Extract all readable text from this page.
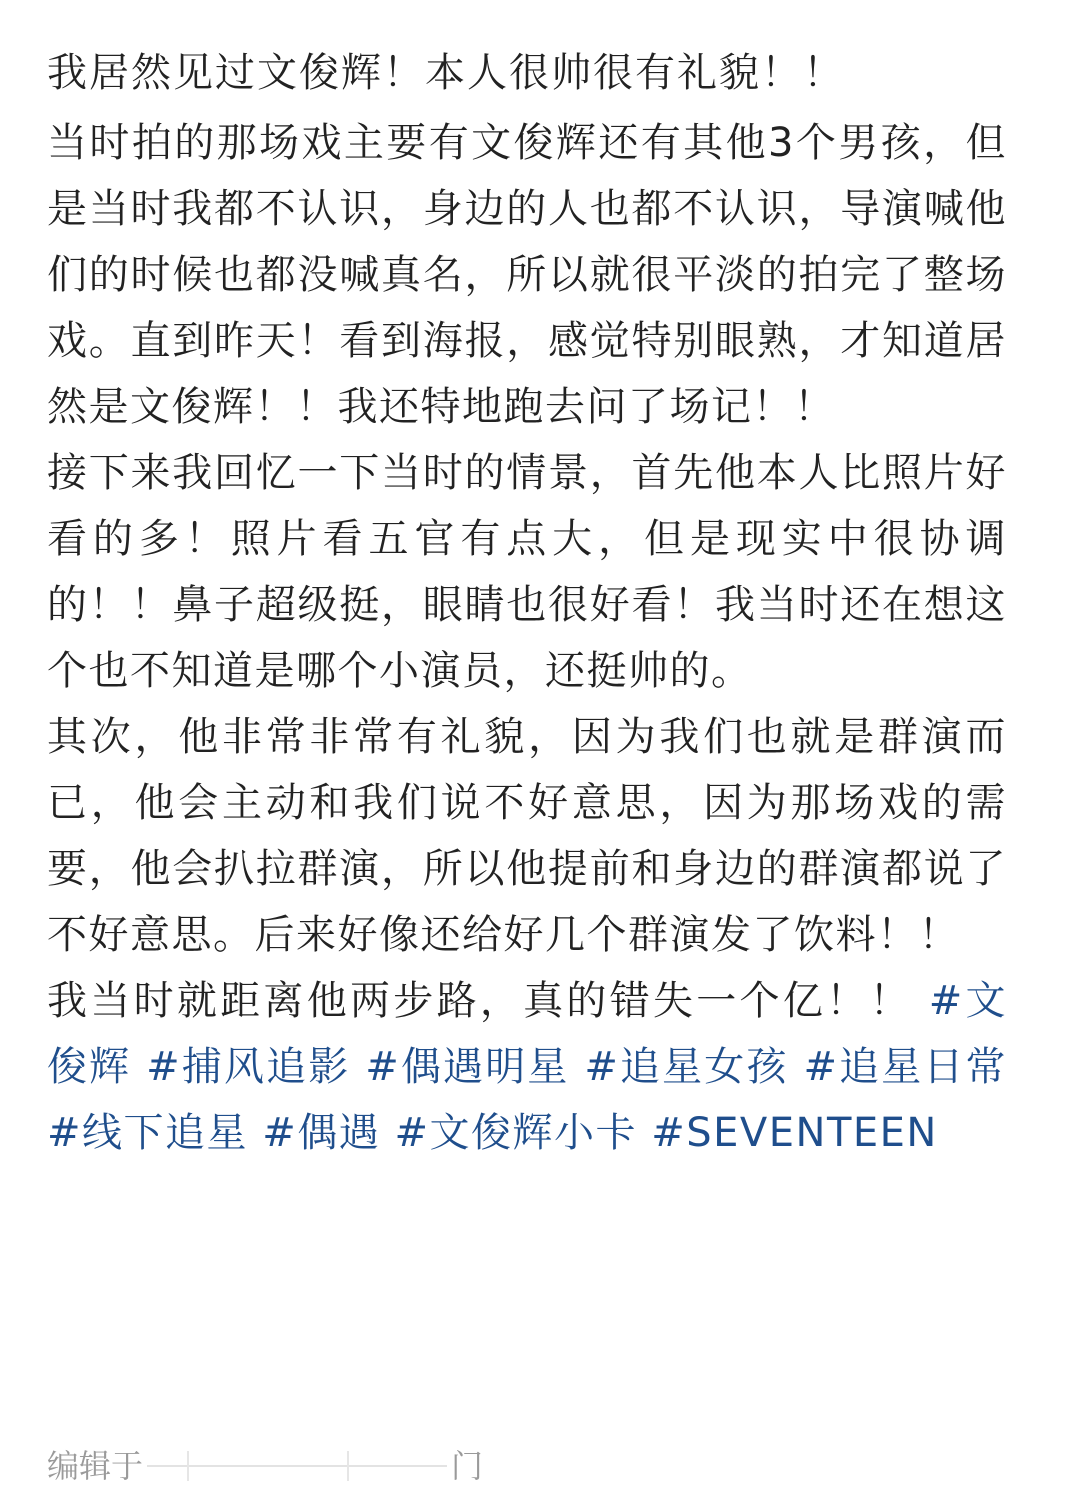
我居然见过文俊辉！本人很帅很有礼貌！！

当时拍的那场戏主要有文俊辉还有其他3个男孩，但是当时我都不认识，身边的人也都不认识，导演喊他们的时候也都没喊真名，所以就很平淡的拍完了整场戏。直到昨天！看到海报，感觉特别眼熟，才知道居然是文俊辉！！我还特地跑去问了场记！！

接下来我回忆一下当时的情景，首先他本人比照片好看的多！照片看五官有点大，但是现实中很协调的！！鼻子超级挺，眼睛也很好看！我当时还在想这个也不知道是哪个小演员，还挺帅的。

其次，他非常非常有礼貌，因为我们也就是群演而已，他会主动和我们说不好意思，因为那场戏的需要，他会扒拉群演，所以他提前和身边的群演都说了不好意思。后来好像还给好几个群演发了饮料！！

我当时就距离他两步路，真的错失一个亿！！ #文俊辉 #捕风追影 #偶遇明星 #追星女孩 #追星日常 #线下追星 #偶遇 #文俊辉小卡 #SEVENTEEN

编辑于	门
